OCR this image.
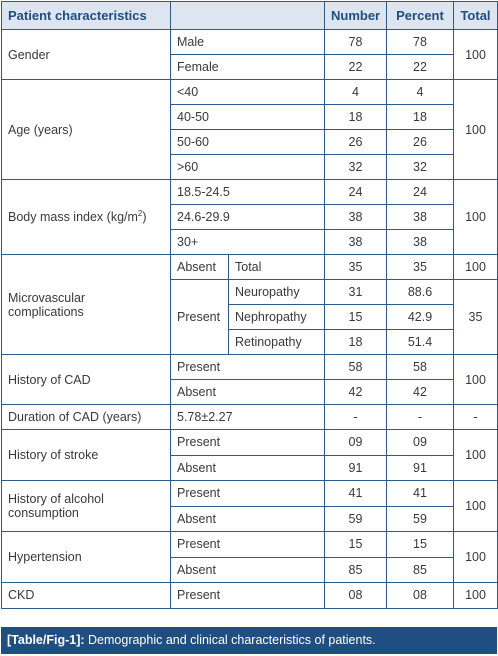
Patient characteristics			Number	Percent	Total
Gender	Male		78	78	100
	Female		22	22	
Age (years)	<40		4	4	100
	40-50		18	18	
	50-60		26	26	
	>60		32	32	
Body mass index $(kg/m^2)$	18.5-24.5		24	24	100
	24.6-29.9		38	38	
	30+		38	38	
Microvascular
complications	Absent	Total	35	35	100
	Present	Neuropathy	31	88.6	35
		Nephropathy	15	42.9	
		Retinopathy	18	51.4	
History of CAD	Present		58	58	100
	Absent		42	42	
Duration of CAD (years)	5.78±2.27		-	-	-
History of stroke	Present		09	09	100
	Absent		91	91	
History of alcohol
consumption	Present		41	41	100
	Absent		59	59	
Hypertension	Present		15	15	100
	Absent		85	85	
CKD	Present		08	08	100
[Table/Fig-1]: Demographic and clinical characteristics of patients.
